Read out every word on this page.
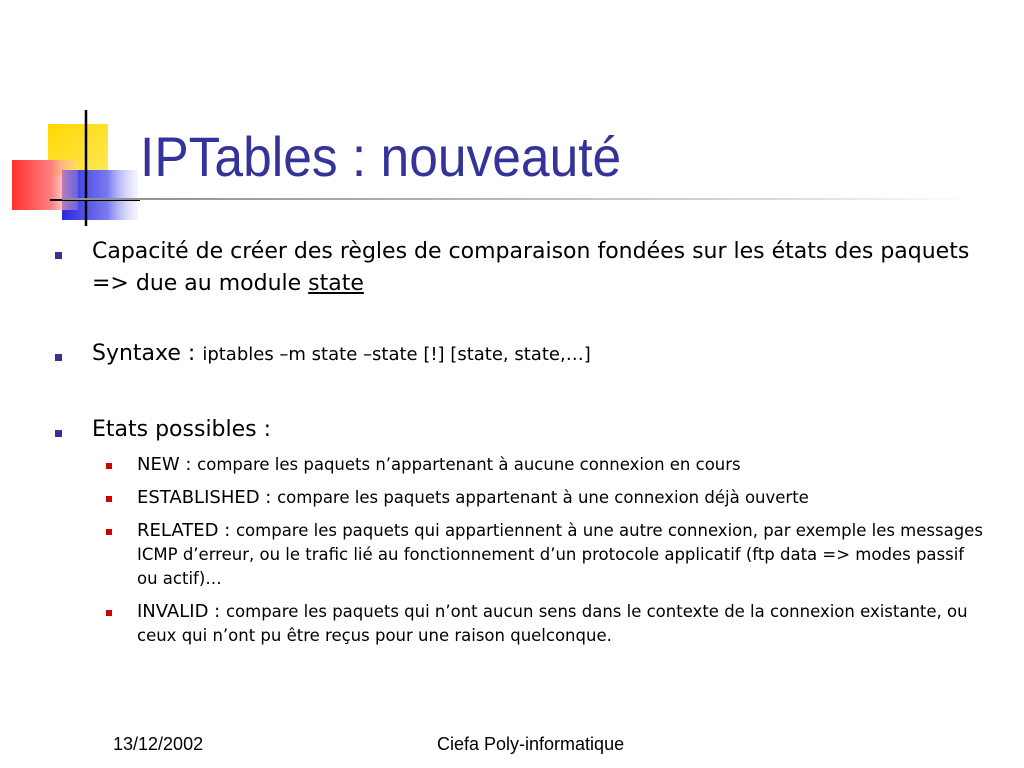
IPTables : nouveauté

Capacité de créer des règles de comparaison fondées sur les états des paquets => due au module state

Syntaxe : iptables –m state –state [!] [state, state,…]

Etats possibles :

NEW : compare les paquets n’appartenant à aucune connexion en cours

ESTABLISHED : compare les paquets appartenant à une connexion déjà ouverte

RELATED : compare les paquets qui appartiennent à une autre connexion, par exemple les messages ICMP d’erreur, ou le trafic lié au fonctionnement d’un protocole applicatif (ftp data => modes passif ou actif)…

INVALID : compare les paquets qui n’ont aucun sens dans le contexte de la connexion existante, ou ceux qui n’ont pu être reçus pour une raison quelconque.

13/12/2002	Ciefa Poly-informatique
